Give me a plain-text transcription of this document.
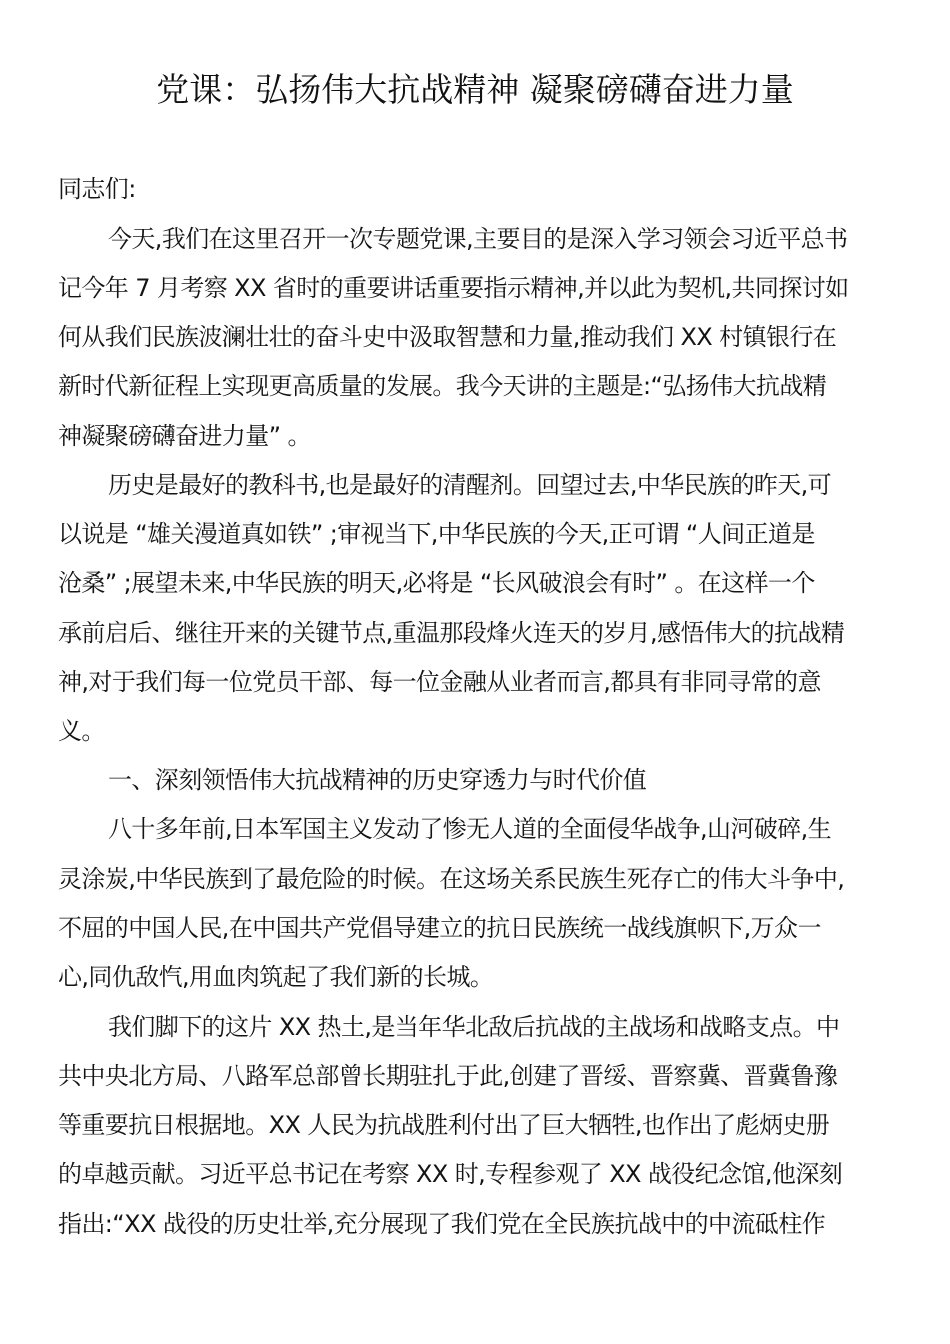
党课：弘扬伟大抗战精神 凝聚磅礴奋进力量
同志们:
今天,我们在这里召开一次专题党课,主要目的是深入学习领会习近平总书
记今年 7 月考察 XX 省时的重要讲话重要指示精神,并以此为契机,共同探讨如
何从我们民族波澜壮壮的奋斗史中汲取智慧和力量,推动我们 XX 村镇银行在
新时代新征程上实现更高质量的发展。我今天讲的主题是:“弘扬伟大抗战精
神凝聚磅礴奋进力量” 。
历史是最好的教科书,也是最好的清醒剂。回望过去,中华民族的昨天,可
以说是 “雄关漫道真如铁” ;审视当下,中华民族的今天,正可谓 “人间正道是
沧桑” ;展望未来,中华民族的明天,必将是 “长风破浪会有时” 。在这样一个
承前启后、继往开来的关键节点,重温那段烽火连天的岁月,感悟伟大的抗战精
神,对于我们每一位党员干部、每一位金融从业者而言,都具有非同寻常的意
义。
一、深刻领悟伟大抗战精神的历史穿透力与时代价值
八十多年前,日本军国主义发动了惨无人道的全面侵华战争,山河破碎,生
灵涂炭,中华民族到了最危险的时候。在这场关系民族生死存亡的伟大斗争中,
不屈的中国人民,在中国共产党倡导建立的抗日民族统一战线旗帜下,万众一
心,同仇敌忾,用血肉筑起了我们新的长城。
我们脚下的这片 XX 热土,是当年华北敌后抗战的主战场和战略支点。中
共中央北方局、八路军总部曾长期驻扎于此,创建了晋绥、晋察冀、晋冀鲁豫
等重要抗日根据地。XX 人民为抗战胜利付出了巨大牺牲,也作出了彪炳史册
的卓越贡献。习近平总书记在考察 XX 时,专程参观了 XX 战役纪念馆,他深刻
指出:“XX 战役的历史壮举,充分展现了我们党在全民族抗战中的中流砥柱作
